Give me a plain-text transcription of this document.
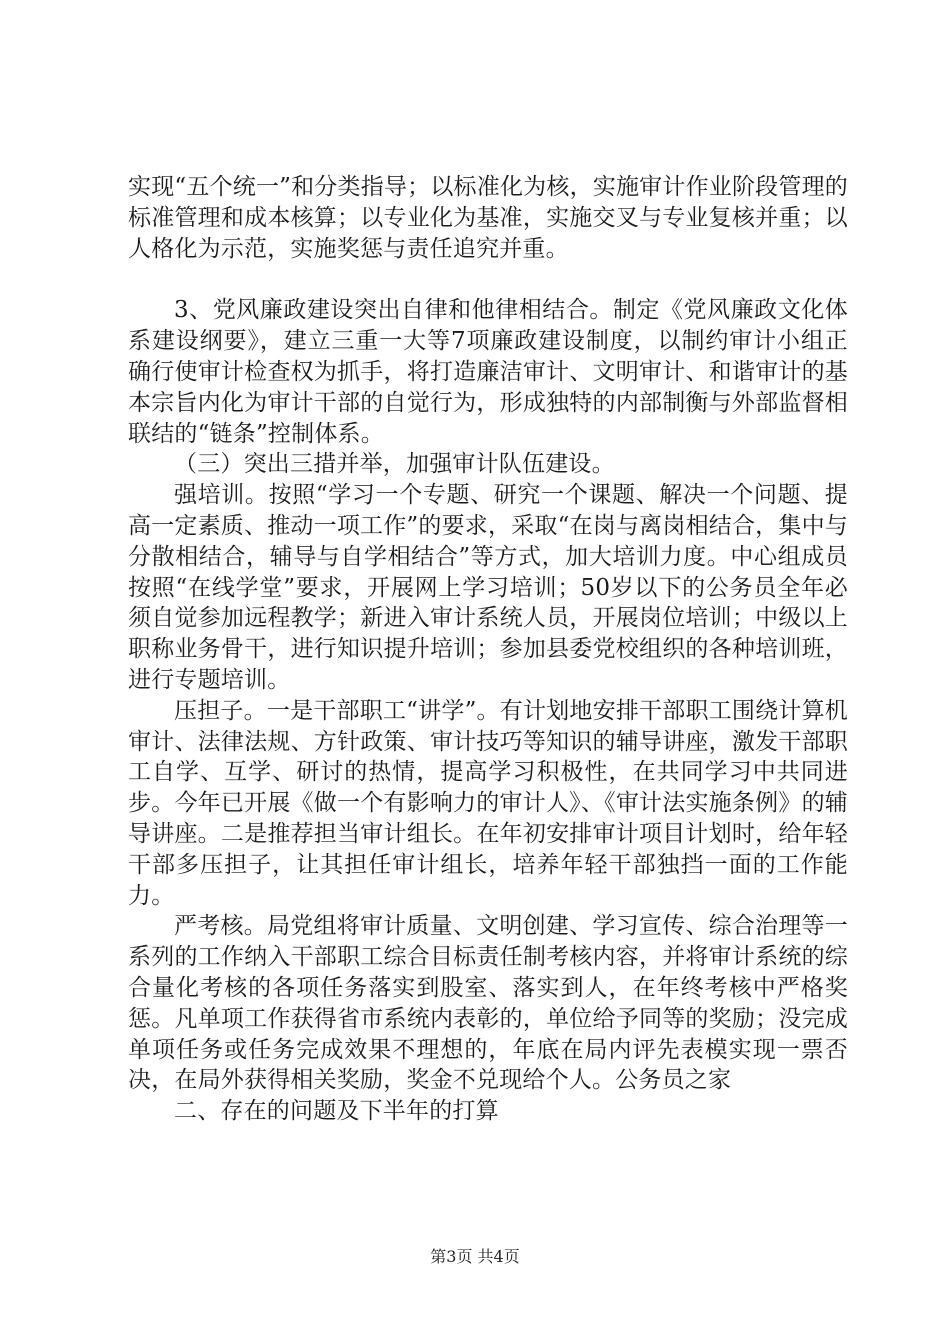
实现“五个统一”和分类指导；以标准化为核，实施审计作业阶段管理的标准管理和成本核算；以专业化为基准，实施交叉与专业复核并重；以人格化为示范，实施奖惩与责任追究并重。

3、党风廉政建设突出自律和他律相结合。制定《党风廉政文化体系建设纲要》，建立三重一大等7项廉政建设制度，以制约审计小组正确行使审计检查权为抓手，将打造廉洁审计、文明审计、和谐审计的基本宗旨内化为审计干部的自觉行为，形成独特的内部制衡与外部监督相联结的“链条”控制体系。

（三）突出三措并举，加强审计队伍建设。

强培训。按照“学习一个专题、研究一个课题、解决一个问题、提高一定素质、推动一项工作”的要求，采取“在岗与离岗相结合，集中与分散相结合，辅导与自学相结合”等方式，加大培训力度。中心组成员按照“在线学堂”要求，开展网上学习培训；50岁以下的公务员全年必须自觉参加远程教学；新进入审计系统人员，开展岗位培训；中级以上职称业务骨干，进行知识提升培训；参加县委党校组织的各种培训班，进行专题培训。

压担子。一是干部职工“讲学”。有计划地安排干部职工围绕计算机审计、法律法规、方针政策、审计技巧等知识的辅导讲座，激发干部职工自学、互学、研讨的热情，提高学习积极性，在共同学习中共同进步。今年已开展《做一个有影响力的审计人》、《审计法实施条例》的辅导讲座。二是推荐担当审计组长。在年初安排审计项目计划时，给年轻干部多压担子，让其担任审计组长，培养年轻干部独挡一面的工作能力。

严考核。局党组将审计质量、文明创建、学习宣传、综合治理等一系列的工作纳入干部职工综合目标责任制考核内容，并将审计系统的综合量化考核的各项任务落实到股室、落实到人，在年终考核中严格奖惩。凡单项工作获得省市系统内表彰的，单位给予同等的奖励；没完成单项任务或任务完成效果不理想的，年底在局内评先表模实现一票否决，在局外获得相关奖励，奖金不兑现给个人。公务员之家

二、存在的问题及下半年的打算

第3页 共4页
